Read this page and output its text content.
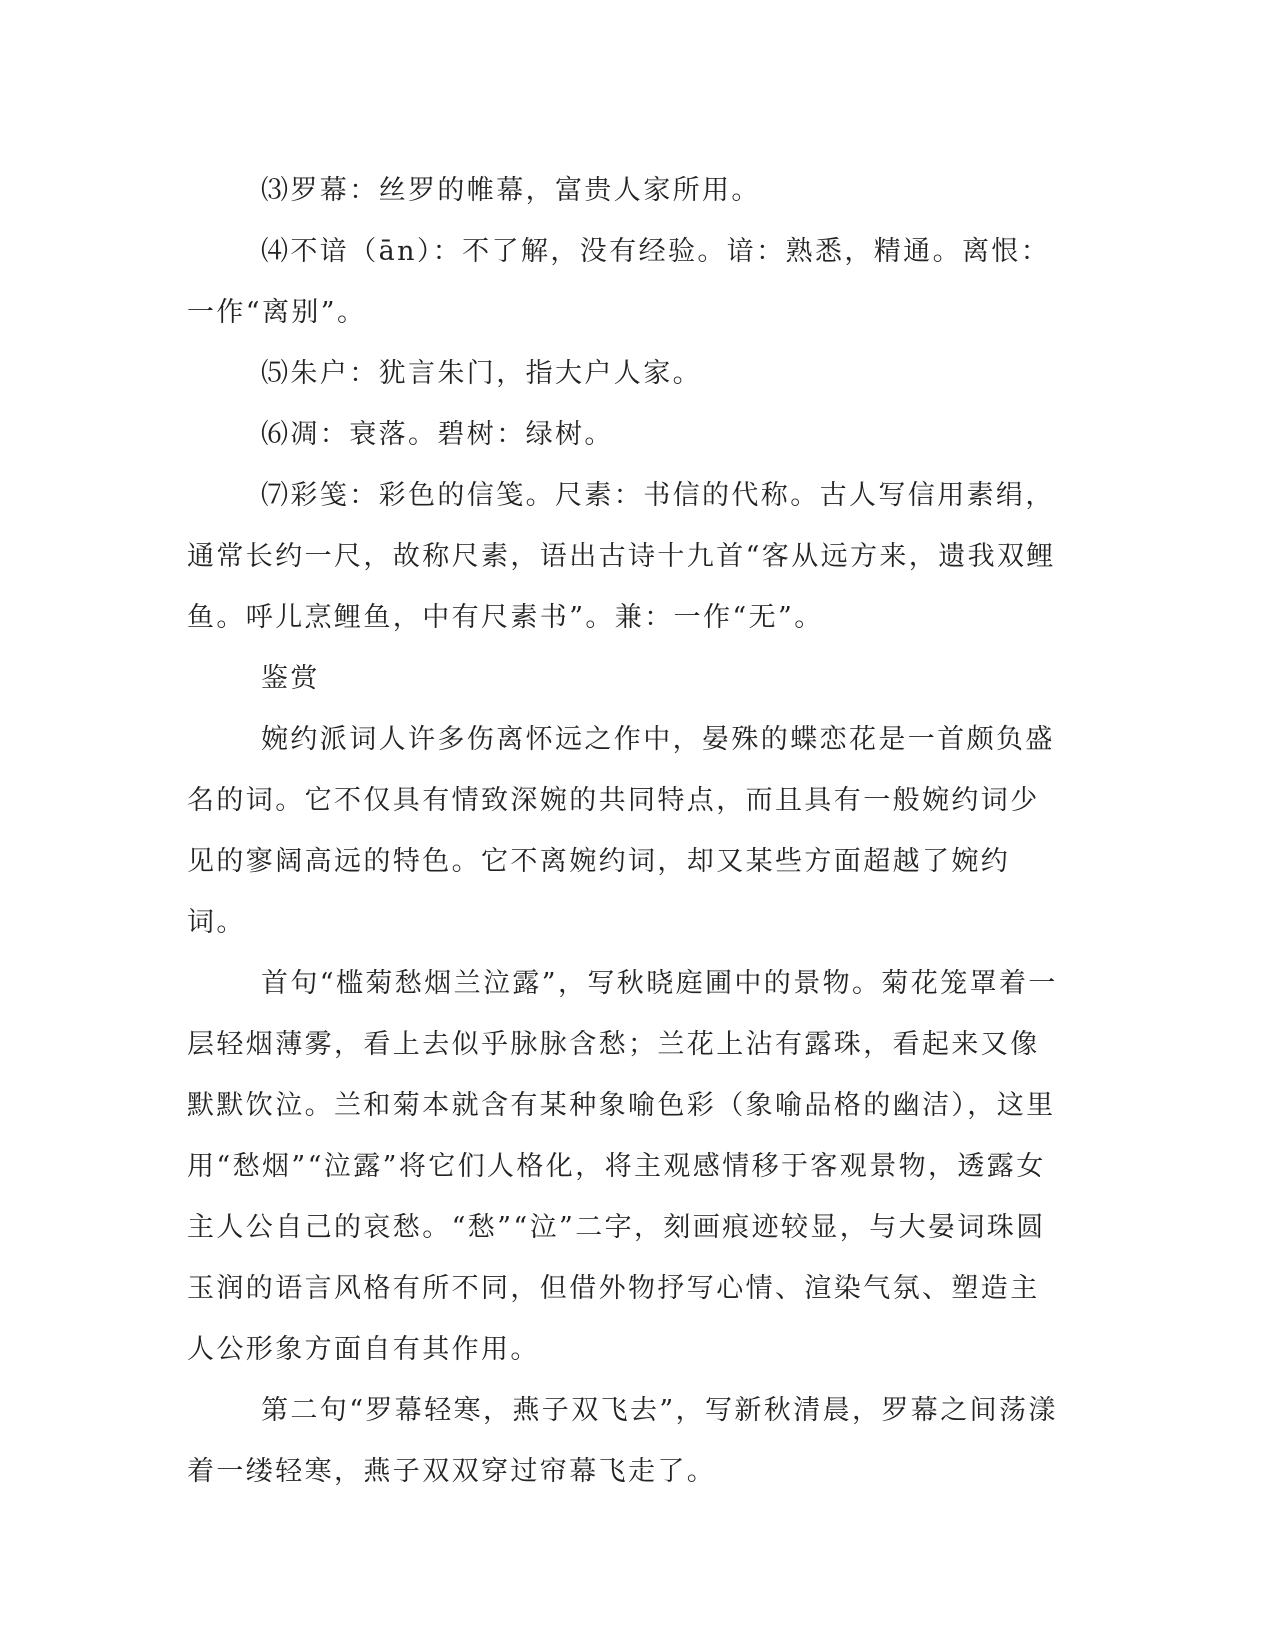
⑶罗幕：丝罗的帷幕，富贵人家所用。

⑷不谙（ān）：不了解，没有经验。谙：熟悉，精通。离恨：一作“离别”。

⑸朱户：犹言朱门，指大户人家。

⑹凋：衰落。碧树：绿树。

⑺彩笺：彩色的信笺。尺素：书信的代称。古人写信用素绢，通常长约一尺，故称尺素，语出古诗十九首“客从远方来，遗我双鲤鱼。呼儿烹鲤鱼，中有尺素书”。兼：一作“无”。

鉴赏

婉约派词人许多伤离怀远之作中，晏殊的蝶恋花是一首颇负盛名的词。它不仅具有情致深婉的共同特点，而且具有一般婉约词少见的寥阔高远的特色。它不离婉约词，却又某些方面超越了婉约词。

首句“槛菊愁烟兰泣露”，写秋晓庭圃中的景物。菊花笼罩着一层轻烟薄雾，看上去似乎脉脉含愁；兰花上沾有露珠，看起来又像默默饮泣。兰和菊本就含有某种象喻色彩（象喻品格的幽洁），这里用“愁烟”“泣露”将它们人格化，将主观感情移于客观景物，透露女主人公自己的哀愁。“愁”“泣”二字，刻画痕迹较显，与大晏词珠圆玉润的语言风格有所不同，但借外物抒写心情、渲染气氛、塑造主人公形象方面自有其作用。

第二句“罗幕轻寒，燕子双飞去”，写新秋清晨，罗幕之间荡漾着一缕轻寒，燕子双双穿过帘幕飞走了。
